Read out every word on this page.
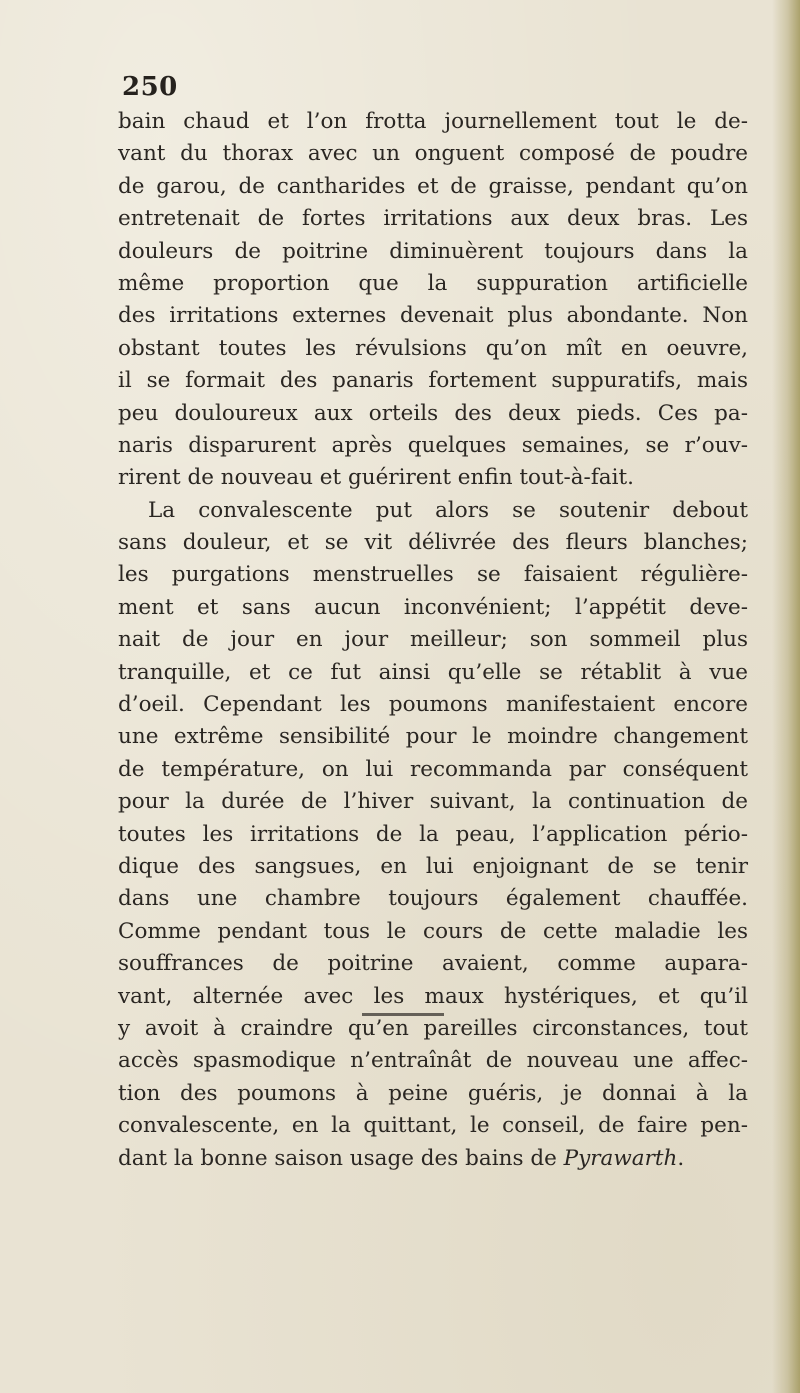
250
bain chaud et l’on frotta journellement tout le de-
vant du thorax avec un onguent composé de poudre
de garou, de cantharides et de graisse, pendant qu’on
entretenait de fortes irritations aux deux bras. Les
douleurs de poitrine diminuèrent toujours dans la
même proportion que la suppuration artificielle
des irritations externes devenait plus abondante. Non
obstant toutes les révulsions qu’on mît en oeuvre,
il se formait des panaris fortement suppuratifs, mais
peu douloureux aux orteils des deux pieds. Ces pa-
naris disparurent après quelques semaines, se r’ouv-
rirent de nouveau et guérirent enfin tout-à-fait.
La convalescente put alors se soutenir debout
sans douleur, et se vit délivrée des fleurs blanches;
les purgations menstruelles se faisaient régulière-
ment et sans aucun inconvénient; l’appétit deve-
nait de jour en jour meilleur; son sommeil plus
tranquille, et ce fut ainsi qu’elle se rétablit à vue
d’oeil. Cependant les poumons manifestaient encore
une extrême sensibilité pour le moindre changement
de température, on lui recommanda par conséquent
pour la durée de l’hiver suivant, la continuation de
toutes les irritations de la peau, l’application pério-
dique des sangsues, en lui enjoignant de se tenir
dans une chambre toujours également chauffée.
Comme pendant tous le cours de cette maladie les
souffrances de poitrine avaient, comme aupara-
vant, alternée avec les maux hystériques, et qu’il
y avoit à craindre qu’en pareilles circonstances, tout
accès spasmodique n’entraînât de nouveau une affec-
tion des poumons à peine guéris, je donnai à la
convalescente, en la quittant, le conseil, de faire pen-
dant la bonne saison usage des bains de Pyrawarth.
